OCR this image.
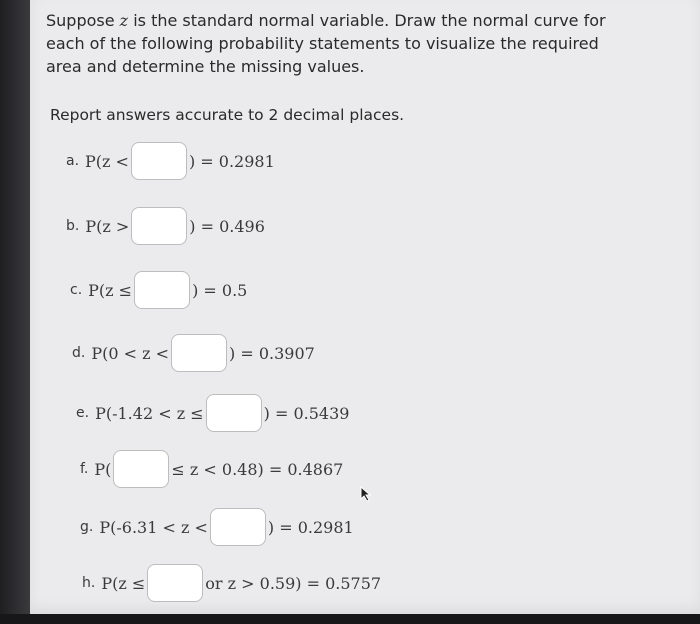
Suppose z is the standard normal variable. Draw the normal curve for each of the following probability statements to visualize the required area and determine the missing values.
Report answers accurate to 2 decimal places.
a. P(z <	) = 0.2981
b. P(z >	) = 0.496
c. P(z ≤	) = 0.5
d. P(0 < z <	) = 0.3907
e. P(-1.42 < z ≤	) = 0.5439
f. P(	≤ z < 0.48) = 0.4867
g. P(-6.31 < z <	) = 0.2981
h. P(z ≤	or z > 0.59) = 0.5757
